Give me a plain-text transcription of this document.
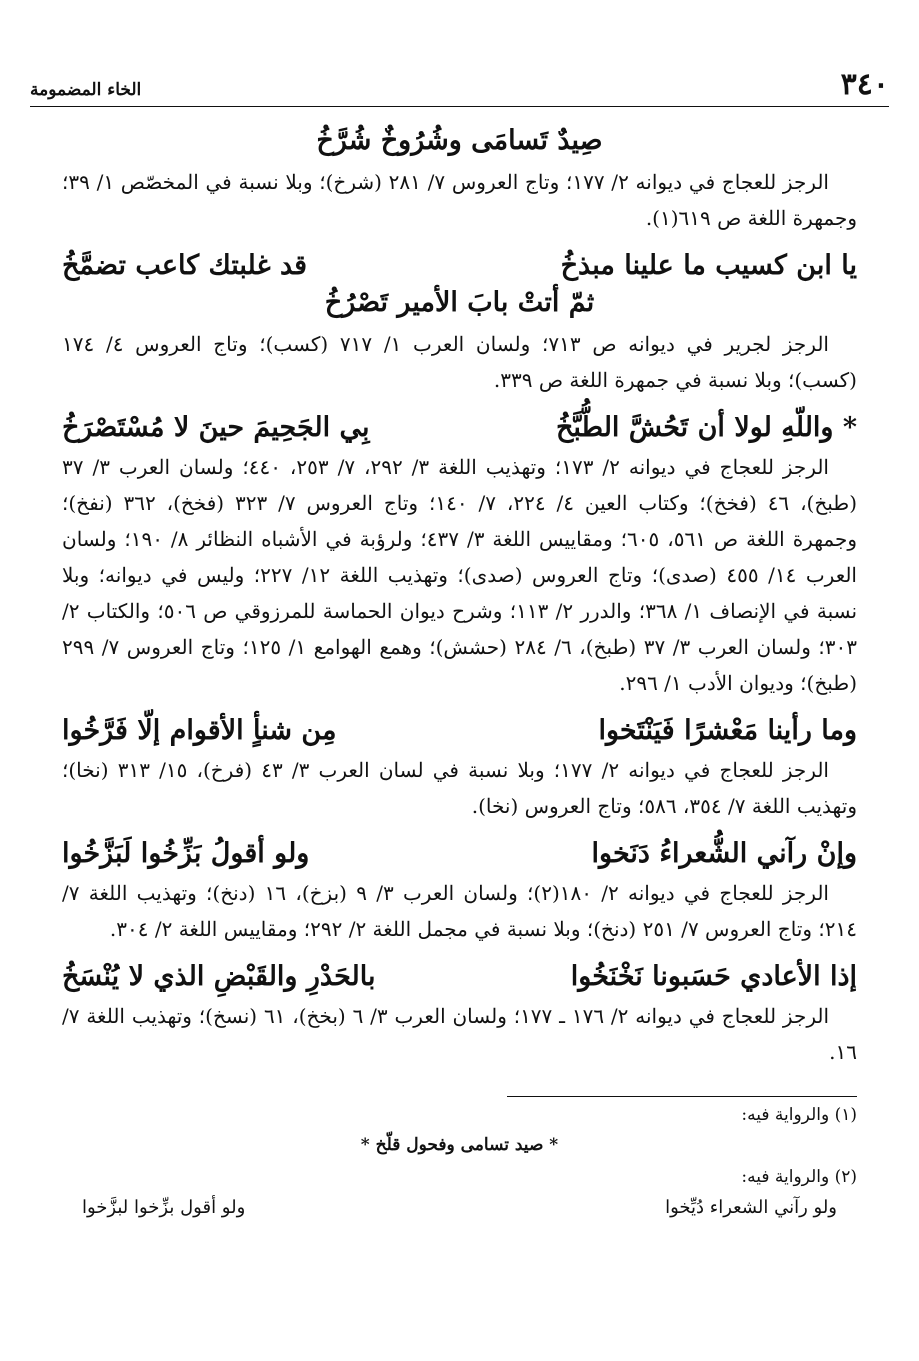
٣٤٠
الخاء المضمومة
صِيدٌ تَسامَى وشُرُوخٌ شُرَّخُ

الرجز للعجاج في ديوانه ٢/ ١٧٧؛ وتاج العروس ٧/ ٢٨١ (شرخ)؛ وبلا نسبة في المخصّص ١/ ٣٩؛ وجمهرة اللغة ص ٦١٩(١).

يا ابن كسيب ما علينا مبذخُ
قد غلبتك كاعب تضمَّخُ
ثمّ أتتْ بابَ الأمير تَصْرُخُ

الرجز لجرير في ديوانه ص ٧١٣؛ ولسان العرب ١/ ٧١٧ (كسب)؛ وتاج العروس ٤/ ١٧٤ (كسب)؛ وبلا نسبة في جمهرة اللغة ص ٣٣٩.

* واللّهِ لولا أن تَحُشَّ الطُّبَّخُ
بِي الجَحِيمَ حينَ لا مُسْتَصْرَخُ

الرجز للعجاج في ديوانه ٢/ ١٧٣؛ وتهذيب اللغة ٣/ ٢٩٢، ٧/ ٢٥٣، ٤٤٠؛ ولسان العرب ٣/ ٣٧ (طبخ)، ٤٦ (فخخ)؛ وكتاب العين ٤/ ٢٢٤، ٧/ ١٤٠؛ وتاج العروس ٧/ ٣٢٣ (فخخ)، ٣٦٢ (نفخ)؛ وجمهرة اللغة ص ٥٦١، ٦٠٥؛ ومقاييس اللغة ٣/ ٤٣٧؛ ولرؤبة في الأشباه النظائر ٨/ ١٩٠؛ ولسان العرب ١٤/ ٤٥٥ (صدى)؛ وتاج العروس (صدى)؛ وتهذيب اللغة ١٢/ ٢٢٧؛ وليس في ديوانه؛ وبلا نسبة في الإنصاف ١/ ٣٦٨؛ والدرر ٢/ ١١٣؛ وشرح ديوان الحماسة للمرزوقي ص ٥٠٦؛ والكتاب ٢/ ٣٠٣؛ ولسان العرب ٣/ ٣٧ (طبخ)، ٦/ ٢٨٤ (حشش)؛ وهمع الهوامع ١/ ١٢٥؛ وتاج العروس ٧/ ٢٩٩ (طبخ)؛ وديوان الأدب ١/ ٢٩٦.

وما رأينا مَعْشرًا فَيَنْتَخوا
مِن شنأٍ الأقوام إلّا فَرَّخُوا

الرجز للعجاج في ديوانه ٢/ ١٧٧؛ وبلا نسبة في لسان العرب ٣/ ٤٣ (فرخ)، ١٥/ ٣١٣ (نخا)؛ وتهذيب اللغة ٧/ ٣٥٤، ٥٨٦؛ وتاج العروس (نخا).

وإنْ رآني الشُّعراءُ دَنَخوا
ولو أقولُ بَزِّخُوا لَبَزَّخُوا

الرجز للعجاج في ديوانه ٢/ ١٨٠(٢)؛ ولسان العرب ٣/ ٩ (بزخ)، ١٦ (دنخ)؛ وتهذيب اللغة ٧/ ٢١٤؛ وتاج العروس ٧/ ٢٥١ (دنخ)؛ وبلا نسبة في مجمل اللغة ٢/ ٢٩٢؛ ومقاييس اللغة ٢/ ٣٠٤.

إذا الأعادي حَسَبونا نَخْنَخُوا
بالحَدْرِ والقَبْضِ الذي لا يُنْسَخُ

الرجز للعجاج في ديوانه ٢/ ١٧٦ ـ ١٧٧؛ ولسان العرب ٣/ ٦ (بخخ)، ٦١ (نسخ)؛ وتهذيب اللغة ٧/ ١٦.

(١) والرواية فيه:
* صيد تسامى وفحول قلّخ *
(٢) والرواية فيه:
ولو رآني الشعراء دُيِّخوا
ولو أقول بزِّخوا لبزَّخوا
